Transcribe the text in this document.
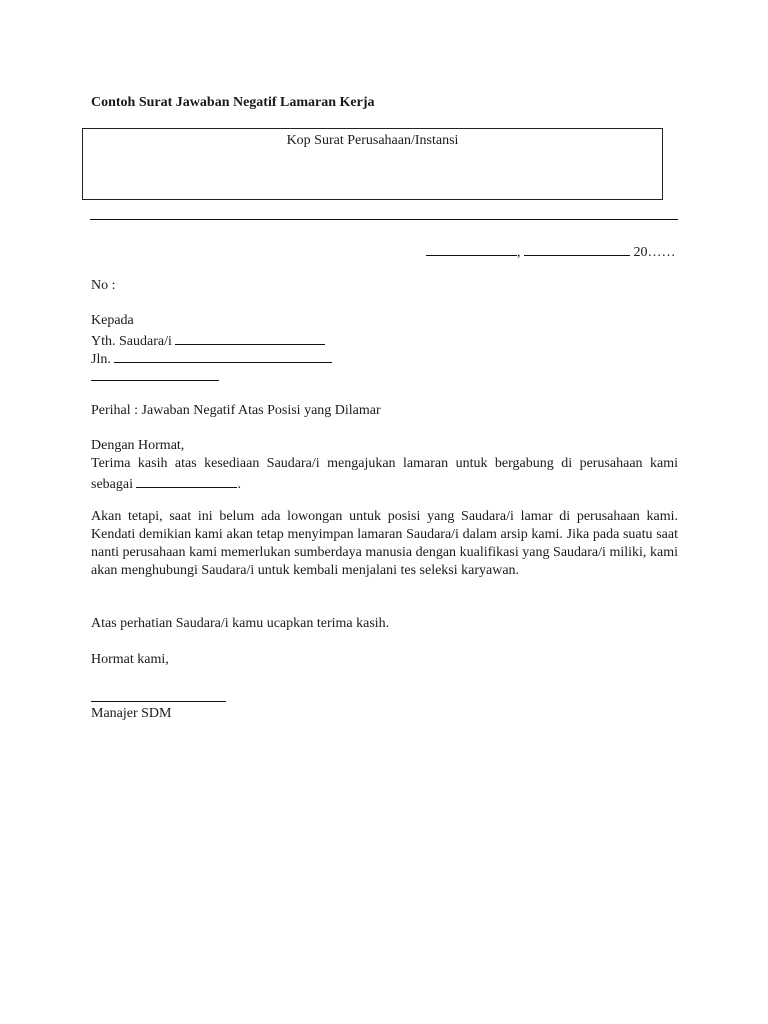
Contoh Surat Jawaban Negatif Lamaran Kerja
Kop Surat Perusahaan/Instansi
,	20……
No :
Kepada
Yth. Saudara/i
Jln.
Perihal : Jawaban Negatif Atas Posisi yang Dilamar
Dengan Hormat,

Terima kasih atas kesediaan Saudara/i mengajukan lamaran untuk bergabung di perusahaan kami sebagai	.

Akan tetapi, saat ini belum ada lowongan untuk posisi yang Saudara/i lamar di perusahaan kami. Kendati demikian kami akan tetap menyimpan lamaran Saudara/i dalam arsip kami. Jika pada suatu saat nanti perusahaan kami memerlukan sumberdaya manusia dengan kualifikasi yang Saudara/i miliki, kami akan menghubungi Saudara/i untuk kembali menjalani tes seleksi karyawan.

Atas perhatian Saudara/i kamu ucapkan terima kasih.
Hormat kami,
Manajer SDM
